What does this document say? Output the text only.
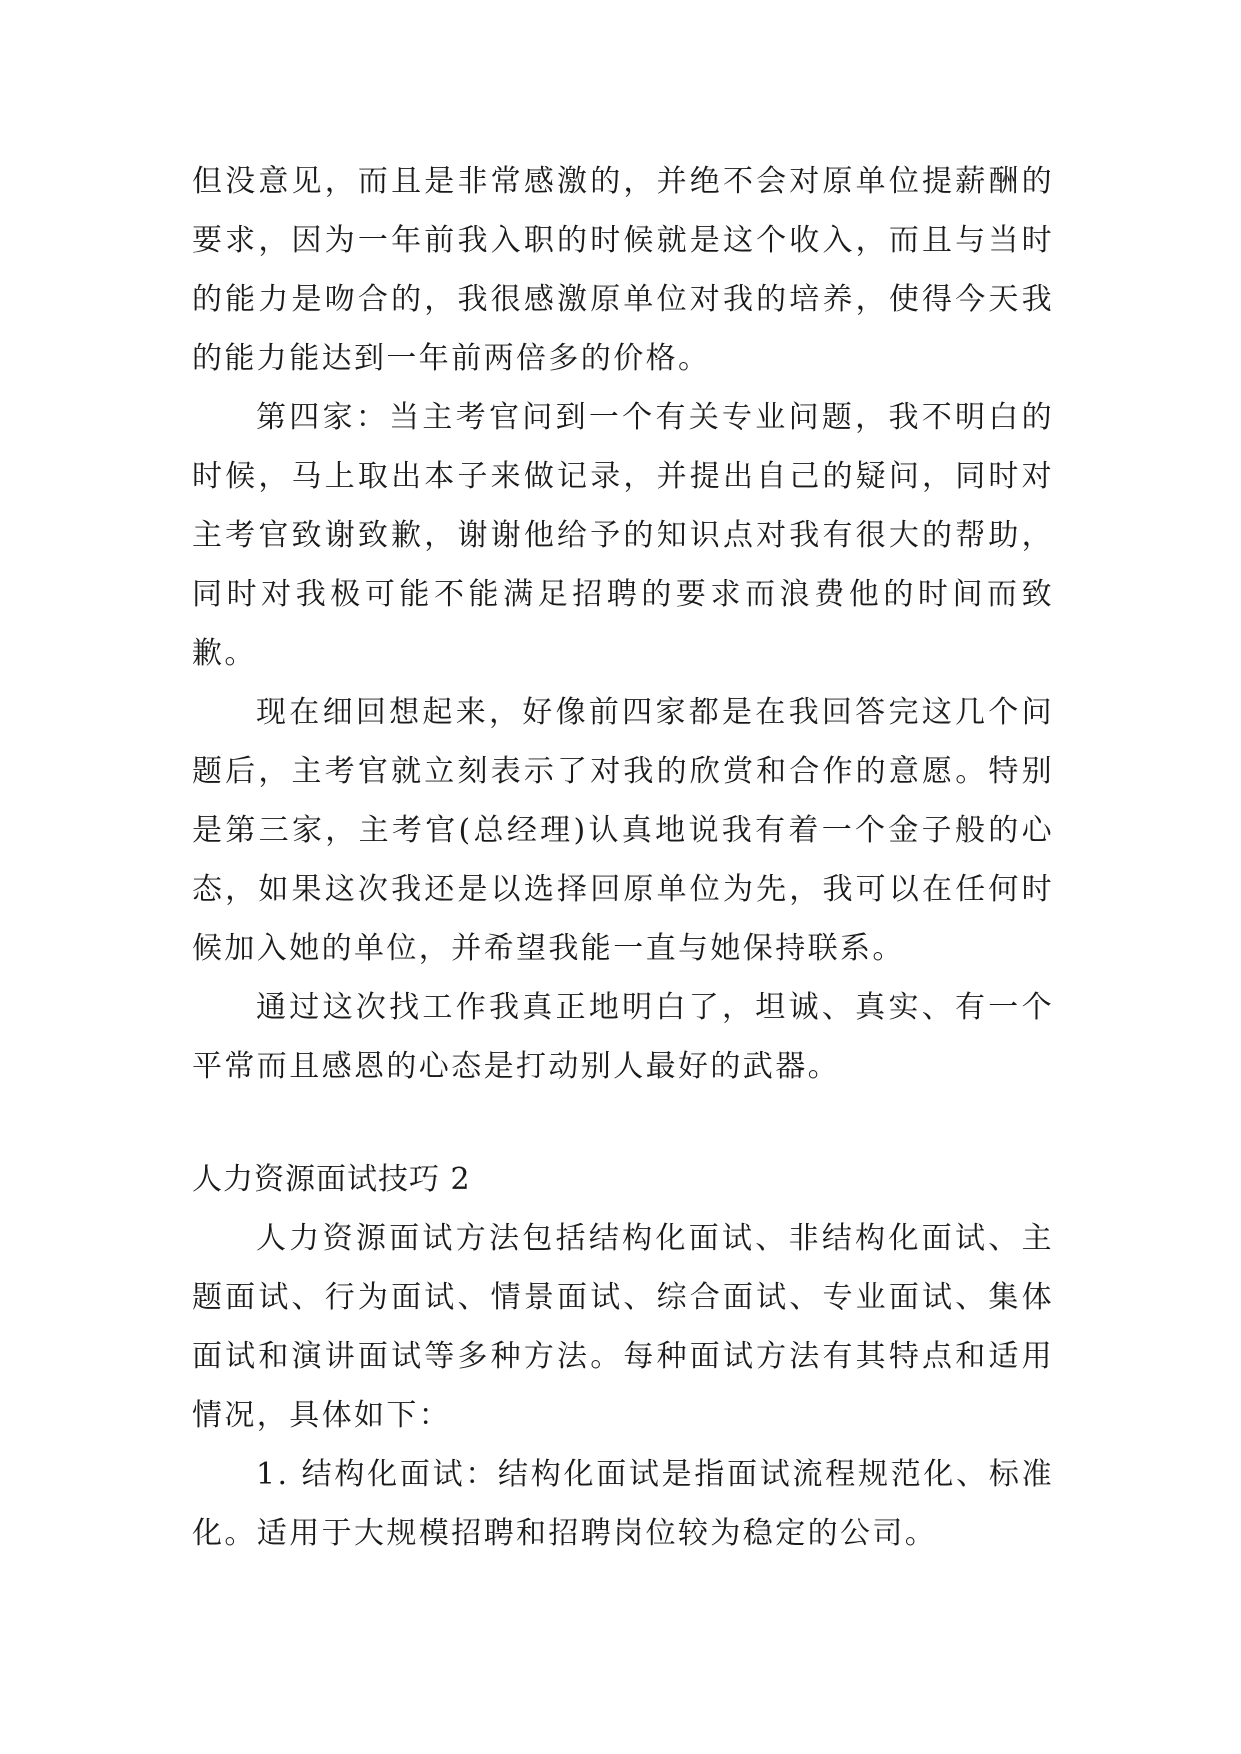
但没意见，而且是非常感激的，并绝不会对原单位提薪酬的要求，因为一年前我入职的时候就是这个收入，而且与当时的能力是吻合的，我很感激原单位对我的培养，使得今天我的能力能达到一年前两倍多的价格。

第四家：当主考官问到一个有关专业问题，我不明白的时候，马上取出本子来做记录，并提出自己的疑问，同时对主考官致谢致歉，谢谢他给予的知识点对我有很大的帮助，同时对我极可能不能满足招聘的要求而浪费他的时间而致歉。

现在细回想起来，好像前四家都是在我回答完这几个问题后，主考官就立刻表示了对我的欣赏和合作的意愿。特别是第三家，主考官(总经理)认真地说我有着一个金子般的心态，如果这次我还是以选择回原单位为先，我可以在任何时候加入她的单位，并希望我能一直与她保持联系。

通过这次找工作我真正地明白了，坦诚、真实、有一个平常而且感恩的心态是打动别人最好的武器。

人力资源面试技巧 2

人力资源面试方法包括结构化面试、非结构化面试、主题面试、行为面试、情景面试、综合面试、专业面试、集体面试和演讲面试等多种方法。每种面试方法有其特点和适用情况，具体如下：

1. 结构化面试：结构化面试是指面试流程规范化、标准化。适用于大规模招聘和招聘岗位较为稳定的公司。
